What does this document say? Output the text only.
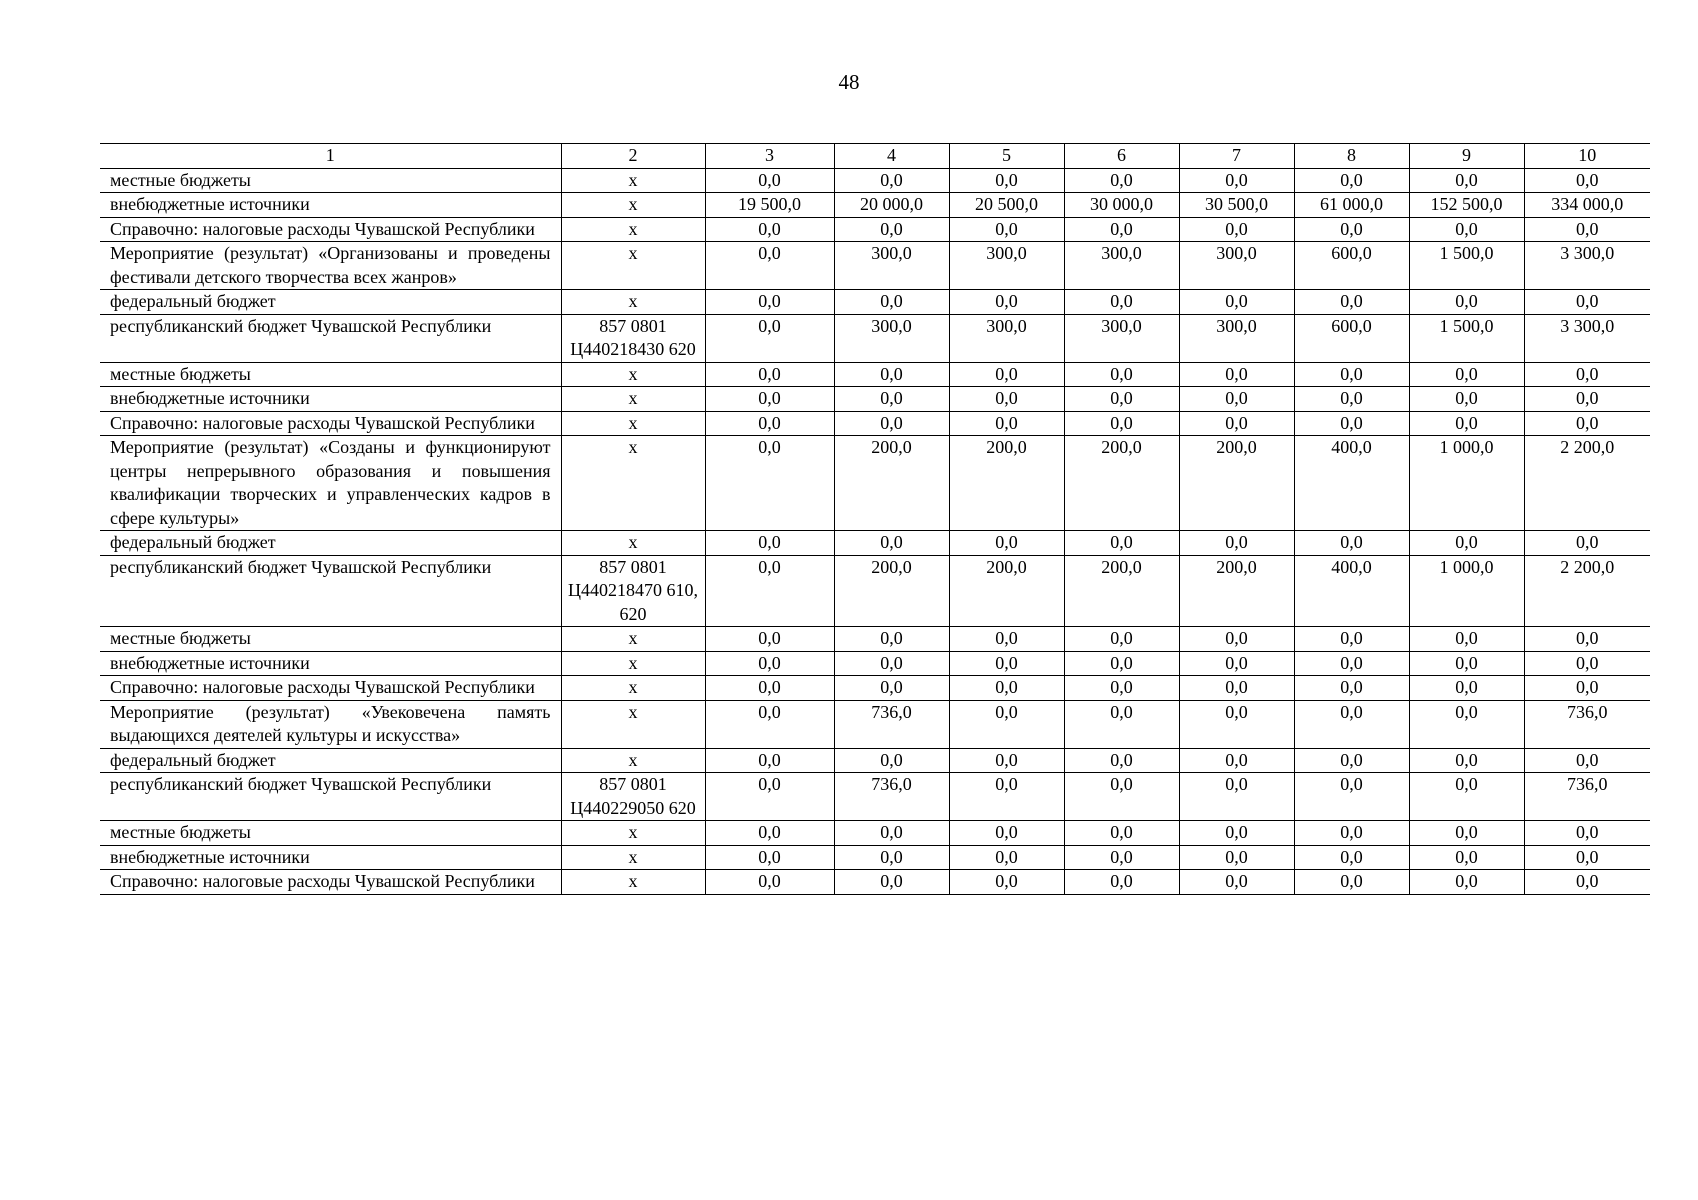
48
1	2	3	4	5	6	7	8	9	10
местные бюджеты	x	0,0	0,0	0,0	0,0	0,0	0,0	0,0	0,0
внебюджетные источники	x	19 500,0	20 000,0	20 500,0	30 000,0	30 500,0	61 000,0	152 500,0	334 000,0
Справочно: налоговые расходы Чувашской Республики	x	0,0	0,0	0,0	0,0	0,0	0,0	0,0	0,0
Мероприятие (результат) «Организованы и проведены фестивали детского творчества всех жанров»	x	0,0	300,0	300,0	300,0	300,0	600,0	1 500,0	3 300,0
федеральный бюджет	x	0,0	0,0	0,0	0,0	0,0	0,0	0,0	0,0
республиканский бюджет Чувашской Республики	857 0801 Ц440218430 620	0,0	300,0	300,0	300,0	300,0	600,0	1 500,0	3 300,0
местные бюджеты	x	0,0	0,0	0,0	0,0	0,0	0,0	0,0	0,0
внебюджетные источники	x	0,0	0,0	0,0	0,0	0,0	0,0	0,0	0,0
Справочно: налоговые расходы Чувашской Республики	x	0,0	0,0	0,0	0,0	0,0	0,0	0,0	0,0
Мероприятие (результат) «Созданы и функционируют центры непрерывного образования и повышения квалификации творческих и управленческих кадров в сфере культуры»	x	0,0	200,0	200,0	200,0	200,0	400,0	1 000,0	2 200,0
федеральный бюджет	x	0,0	0,0	0,0	0,0	0,0	0,0	0,0	0,0
республиканский бюджет Чувашской Республики	857 0801 Ц440218470 610, 620	0,0	200,0	200,0	200,0	200,0	400,0	1 000,0	2 200,0
местные бюджеты	x	0,0	0,0	0,0	0,0	0,0	0,0	0,0	0,0
внебюджетные источники	x	0,0	0,0	0,0	0,0	0,0	0,0	0,0	0,0
Справочно: налоговые расходы Чувашской Республики	x	0,0	0,0	0,0	0,0	0,0	0,0	0,0	0,0
Мероприятие (результат) «Увековечена память выдающихся деятелей культуры и искусства»	x	0,0	736,0	0,0	0,0	0,0	0,0	0,0	736,0
федеральный бюджет	x	0,0	0,0	0,0	0,0	0,0	0,0	0,0	0,0
республиканский бюджет Чувашской Республики	857 0801 Ц440229050 620	0,0	736,0	0,0	0,0	0,0	0,0	0,0	736,0
местные бюджеты	x	0,0	0,0	0,0	0,0	0,0	0,0	0,0	0,0
внебюджетные источники	x	0,0	0,0	0,0	0,0	0,0	0,0	0,0	0,0
Справочно: налоговые расходы Чувашской Республики	x	0,0	0,0	0,0	0,0	0,0	0,0	0,0	0,0
